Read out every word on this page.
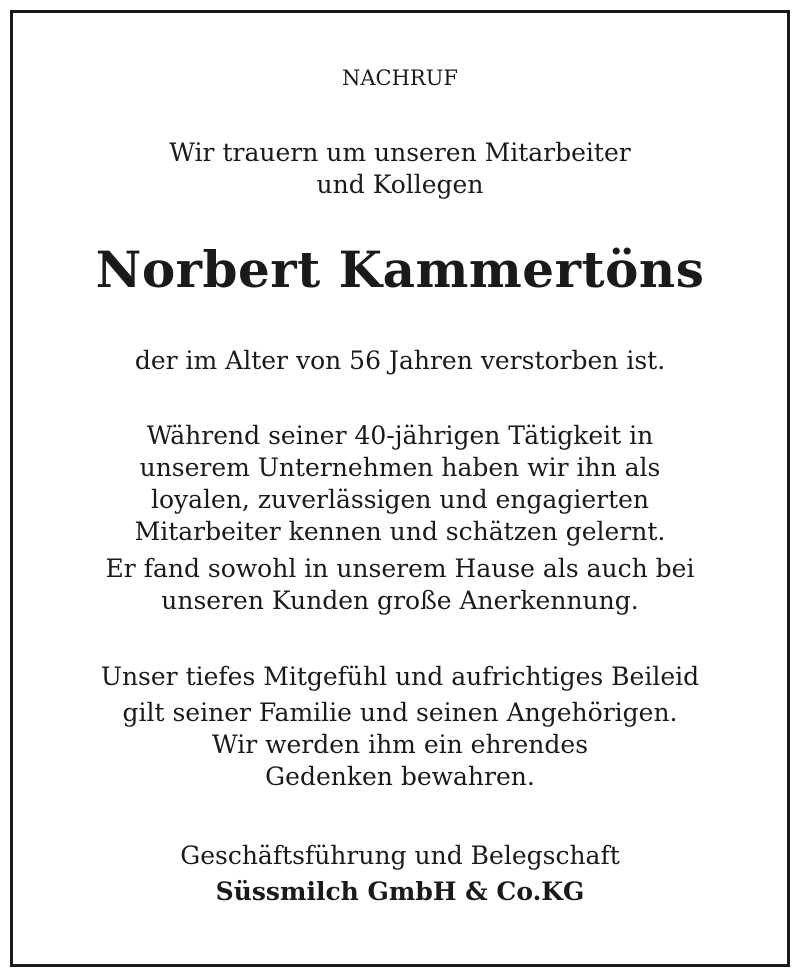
NACHRUF

Wir trauern um unseren Mitarbeiter

und Kollegen

Norbert Kammertöns

der im Alter von 56 Jahren verstorben ist.

Während seiner 40-jährigen Tätigkeit in

unserem Unternehmen haben wir ihn als

loyalen, zuverlässigen und engagierten

Mitarbeiter kennen und schätzen gelernt.

Er fand sowohl in unserem Hause als auch bei

unseren Kunden große Anerkennung.

Unser tiefes Mitgefühl und aufrichtiges Beileid

gilt seiner Familie und seinen Angehörigen.

Wir werden ihm ein ehrendes

Gedenken bewahren.

Geschäftsführung und Belegschaft

Süssmilch GmbH & Co.KG
